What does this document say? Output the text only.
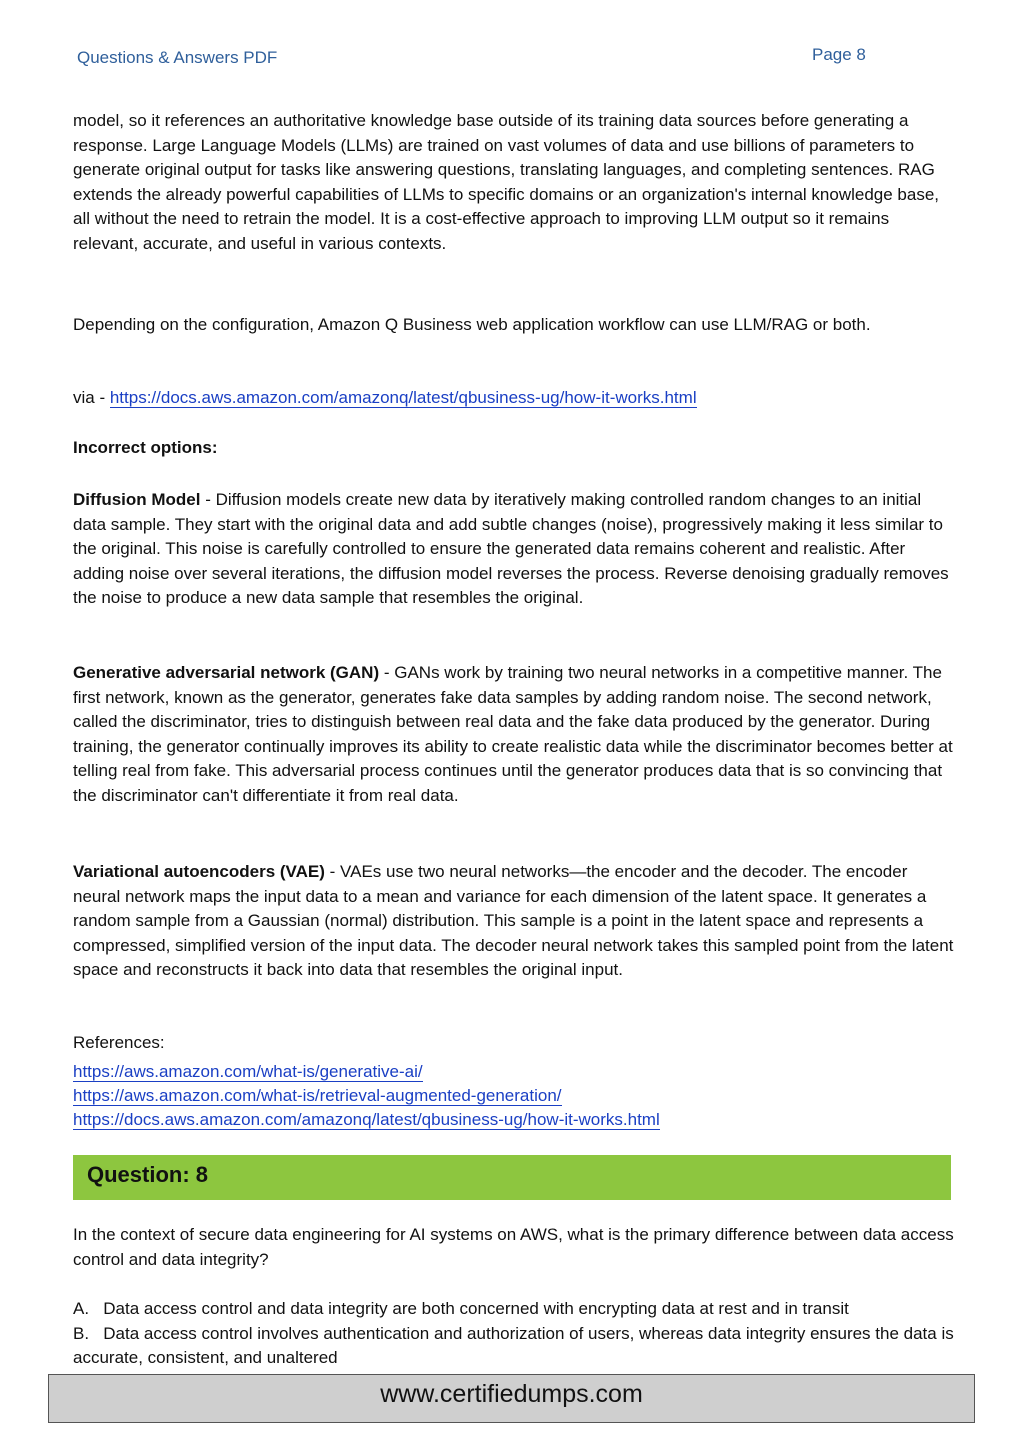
Questions & Answers PDF	Page 8

model, so it references an authoritative knowledge base outside of its training data sources before generating a response. Large Language Models (LLMs) are trained on vast volumes of data and use billions of parameters to generate original output for tasks like answering questions, translating languages, and completing sentences. RAG extends the already powerful capabilities of LLMs to specific domains or an organization's internal knowledge base, all without the need to retrain the model. It is a cost-effective approach to improving LLM output so it remains relevant, accurate, and useful in various contexts.

Depending on the configuration, Amazon Q Business web application workflow can use LLM/RAG or both.

via - https://docs.aws.amazon.com/amazonq/latest/qbusiness-ug/how-it-works.html
Incorrect options:

Diffusion Model - Diffusion models create new data by iteratively making controlled random changes to an initial data sample. They start with the original data and add subtle changes (noise), progressively making it less similar to the original. This noise is carefully controlled to ensure the generated data remains coherent and realistic. After adding noise over several iterations, the diffusion model reverses the process. Reverse denoising gradually removes the noise to produce a new data sample that resembles the original.

Generative adversarial network (GAN) - GANs work by training two neural networks in a competitive manner. The first network, known as the generator, generates fake data samples by adding random noise. The second network, called the discriminator, tries to distinguish between real data and the fake data produced by the generator. During training, the generator continually improves its ability to create realistic data while the discriminator becomes better at telling real from fake. This adversarial process continues until the generator produces data that is so convincing that the discriminator can't differentiate it from real data.

Variational autoencoders (VAE) - VAEs use two neural networks—the encoder and the decoder. The encoder neural network maps the input data to a mean and variance for each dimension of the latent space. It generates a random sample from a Gaussian (normal) distribution. This sample is a point in the latent space and represents a compressed, simplified version of the input data. The decoder neural network takes this sampled point from the latent space and reconstructs it back into data that resembles the original input.

References:
https://aws.amazon.com/what-is/generative-ai/
https://aws.amazon.com/what-is/retrieval-augmented-generation/
https://docs.aws.amazon.com/amazonq/latest/qbusiness-ug/how-it-works.html
Question: 8

In the context of secure data engineering for AI systems on AWS, what is the primary difference between data access control and data integrity?

A. Data access control and data integrity are both concerned with encrypting data at rest and in transit

B. Data access control involves authentication and authorization of users, whereas data integrity ensures the data is accurate, consistent, and unaltered

www.certifiedumps.com
